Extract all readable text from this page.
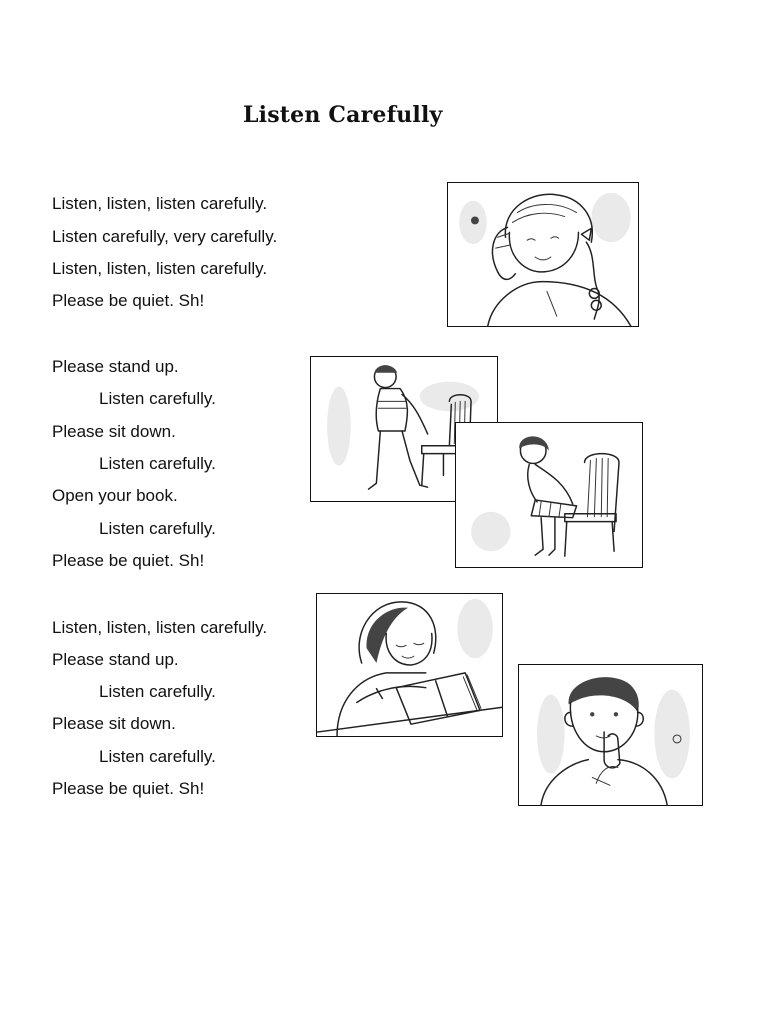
Listen Carefully
Listen, listen, listen carefully.
Listen carefully, very carefully.
Listen, listen, listen carefully.
Please be quiet. Sh!
Please stand up.
Listen carefully.
Please sit down.
Listen carefully.
Open your book.
Listen carefully.
Please be quiet. Sh!
Listen, listen, listen carefully.
Please stand up.
Listen carefully.
Please sit down.
Listen carefully.
Please be quiet. Sh!
